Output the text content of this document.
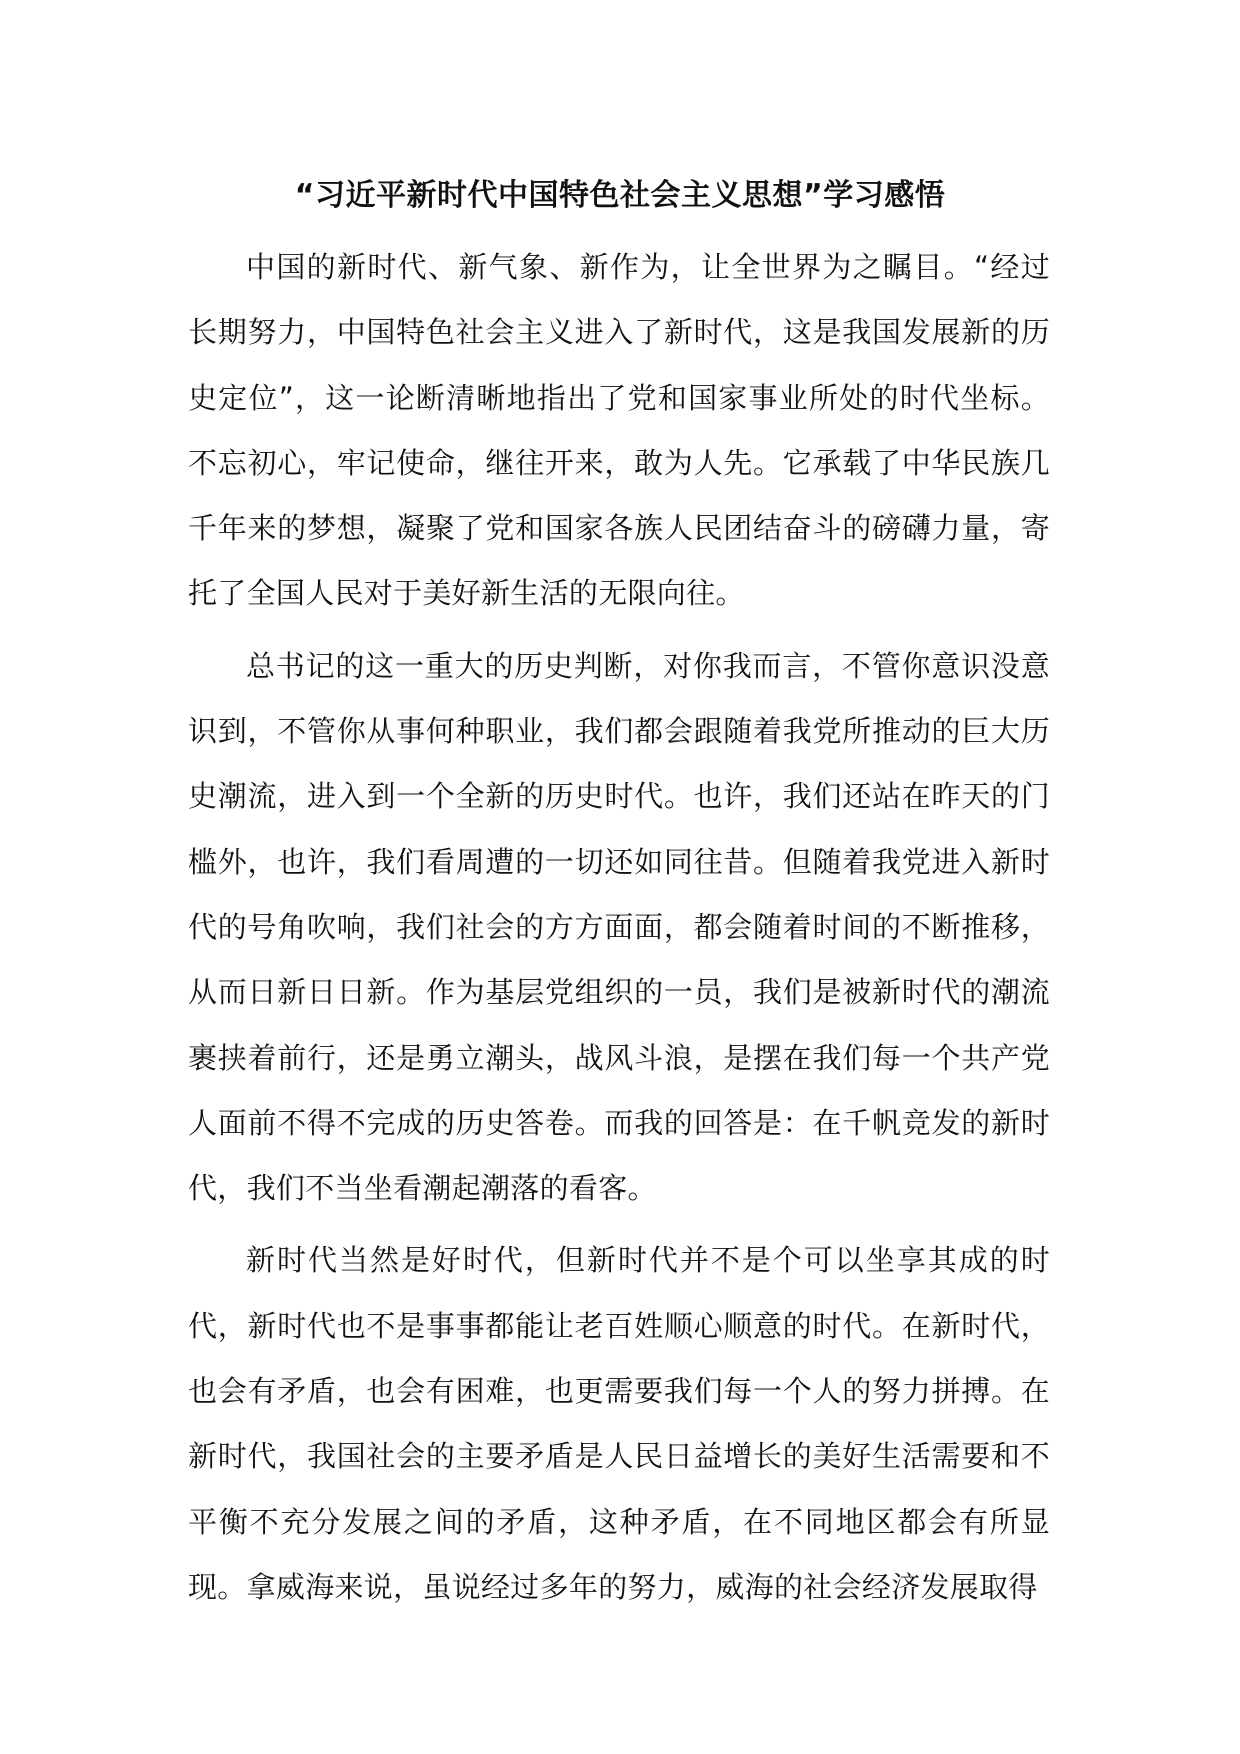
“习近平新时代中国特色社会主义思想”学习感悟

中国的新时代、新气象、新作为，让全世界为之瞩目。“经过长期努力，中国特色社会主义进入了新时代，这是我国发展新的历史定位”，这一论断清晰地指出了党和国家事业所处的时代坐标。不忘初心，牢记使命，继往开来，敢为人先。它承载了中华民族几千年来的梦想，凝聚了党和国家各族人民团结奋斗的磅礴力量，寄托了全国人民对于美好新生活的无限向往。

总书记的这一重大的历史判断，对你我而言，不管你意识没意识到，不管你从事何种职业，我们都会跟随着我党所推动的巨大历史潮流，进入到一个全新的历史时代。也许，我们还站在昨天的门槛外，也许，我们看周遭的一切还如同往昔。但随着我党进入新时代的号角吹响，我们社会的方方面面，都会随着时间的不断推移，从而日新日日新。作为基层党组织的一员，我们是被新时代的潮流裹挟着前行，还是勇立潮头，战风斗浪，是摆在我们每一个共产党人面前不得不完成的历史答卷。而我的回答是：在千帆竞发的新时代，我们不当坐看潮起潮落的看客。

新时代当然是好时代，但新时代并不是个可以坐享其成的时代，新时代也不是事事都能让老百姓顺心顺意的时代。在新时代，也会有矛盾，也会有困难，也更需要我们每一个人的努力拼搏。在新时代，我国社会的主要矛盾是人民日益增长的美好生活需要和不平衡不充分发展之间的矛盾，这种矛盾，在不同地区都会有所显现。拿威海来说，虽说经过多年的努力，威海的社会经济发展取得
